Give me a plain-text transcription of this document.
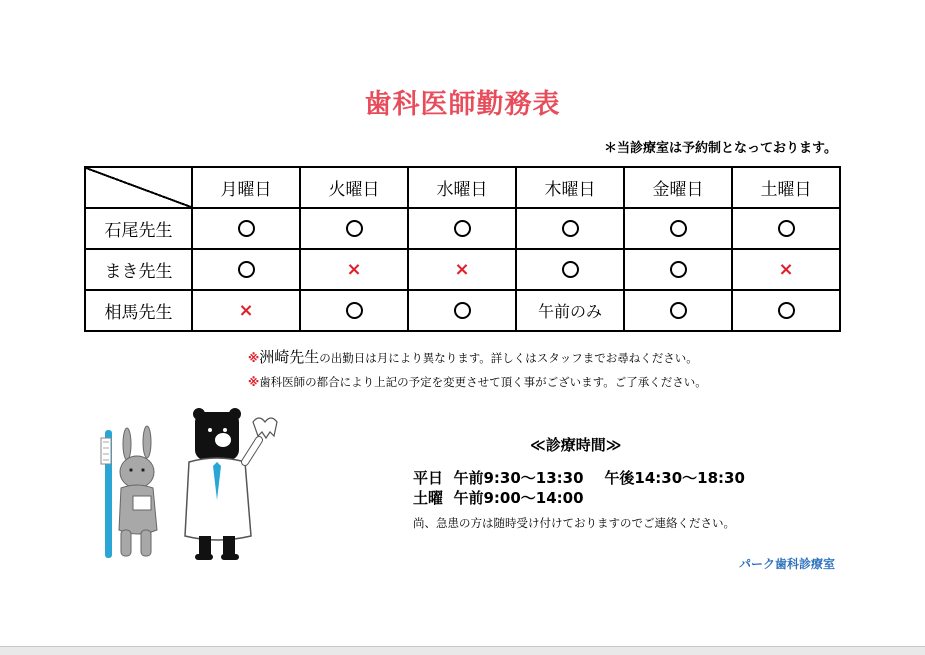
歯科医師勤務表
＊当診療室は予約制となっております。
	月曜日	火曜日	水曜日	木曜日	金曜日	土曜日
石尾先生						
まき先生		×	×			×
相馬先生	×			午前のみ		
※洲崎先生の出勤日は月により異なります。詳しくはスタッフまでお尋ねください。
※歯科医師の都合により上記の予定を変更させて頂く事がございます。ご了承ください。
≪診療時間≫
平日  午前9:30～13:30    午後14:30～18:30
土曜  午前9:00～14:00
尚、急患の方は随時受け付けておりますのでご連絡ください。
パーク歯科診療室
